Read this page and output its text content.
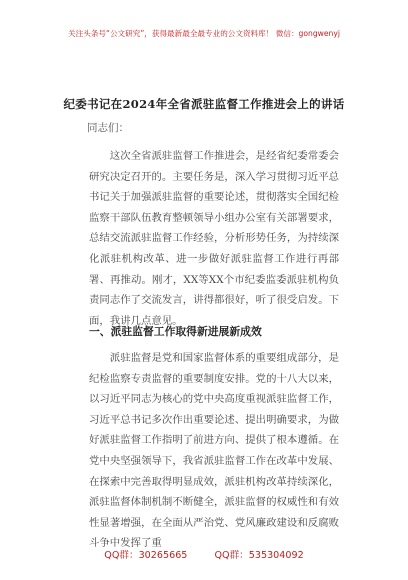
关注头条号“公文研究”，获得最新最全最专业的公文资料库！ 微信：gongwenyj
纪委书记在2024年全省派驻监督工作推进会上的讲话
同志们：

这次全省派驻监督工作推进会，是经省纪委常委会研究决定召开的。主要任务是，深入学习贯彻习近平总书记关于加强派驻监督的重要论述，贯彻落实全国纪检监察干部队伍教育整顿领导小组办公室有关部署要求，总结交流派驻监督工作经验，分析形势任务，为持续深化派驻机构改革、进一步做好派驻监督工作进行再部署、再推动。刚才，XX等XX个市纪委监委派驻机构负责同志作了交流发言，讲得都很好，听了很受启发。下面，我讲几点意见。

一、派驻监督工作取得新进展新成效

派驻监督是党和国家监督体系的重要组成部分，是纪检监察专责监督的重要制度安排。党的十八大以来，以习近平同志为核心的党中央高度重视派驻监督工作，习近平总书记多次作出重要论述、提出明确要求，为做好派驻监督工作指明了前进方向、提供了根本遵循。在党中央坚强领导下，我省派驻监督工作在改革中发展、在探索中完善取得明显成效，派驻机构改革持续深化，派驻监督体制机制不断健全，派驻监督的权威性和有效性显著增强，在全面从严治党、党风廉政建设和反腐败斗争中发挥了重

QQ群：30265665	QQ群：535304092
